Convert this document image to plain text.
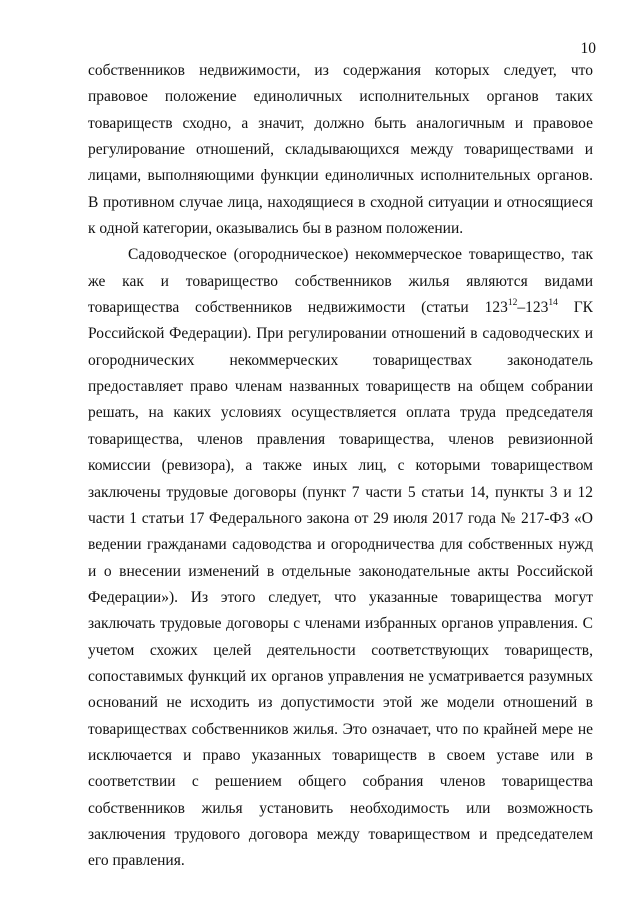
10
собственников недвижимости, из содержания которых следует, что
правовое положение единоличных исполнительных органов таких
товариществ сходно, а значит, должно быть аналогичным и правовое
регулирование отношений, складывающихся между товариществами и
лицами, выполняющими функции единоличных исполнительных органов.
В противном случае лица, находящиеся в сходной ситуации и относящиеся
к одной категории, оказывались бы в разном положении.
Садоводческое (огородническое) некоммерческое товарищество, так
же как и товарищество собственников жилья являются видами
товарищества собственников недвижимости (статьи $123^{12}-123^{14}$ ГК
Российской Федерации). При регулировании отношений в садоводческих и
огороднических некоммерческих товариществах законодатель
предоставляет право членам названных товариществ на общем собрании
решать, на каких условиях осуществляется оплата труда председателя
товарищества, членов правления товарищества, членов ревизионной
комиссии (ревизора), а также иных лиц, с которыми товариществом
заключены трудовые договоры (пункт 7 части 5 статьи 14, пункты 3 и 12
части 1 статьи 17 Федерального закона от 29 июля 2017 года № 217-ФЗ «О
ведении гражданами садоводства и огородничества для собственных нужд
и о внесении изменений в отдельные законодательные акты Российской
Федерации»). Из этого следует, что указанные товарищества могут
заключать трудовые договоры с членами избранных органов управления. С
учетом схожих целей деятельности соответствующих товариществ,
сопоставимых функций их органов управления не усматривается разумных
оснований не исходить из допустимости этой же модели отношений в
товариществах собственников жилья. Это означает, что по крайней мере не
исключается и право указанных товариществ в своем уставе или в
соответствии с решением общего собрания членов товарищества
собственников жилья установить необходимость или возможность
заключения трудового договора между товариществом и председателем
его правления.
